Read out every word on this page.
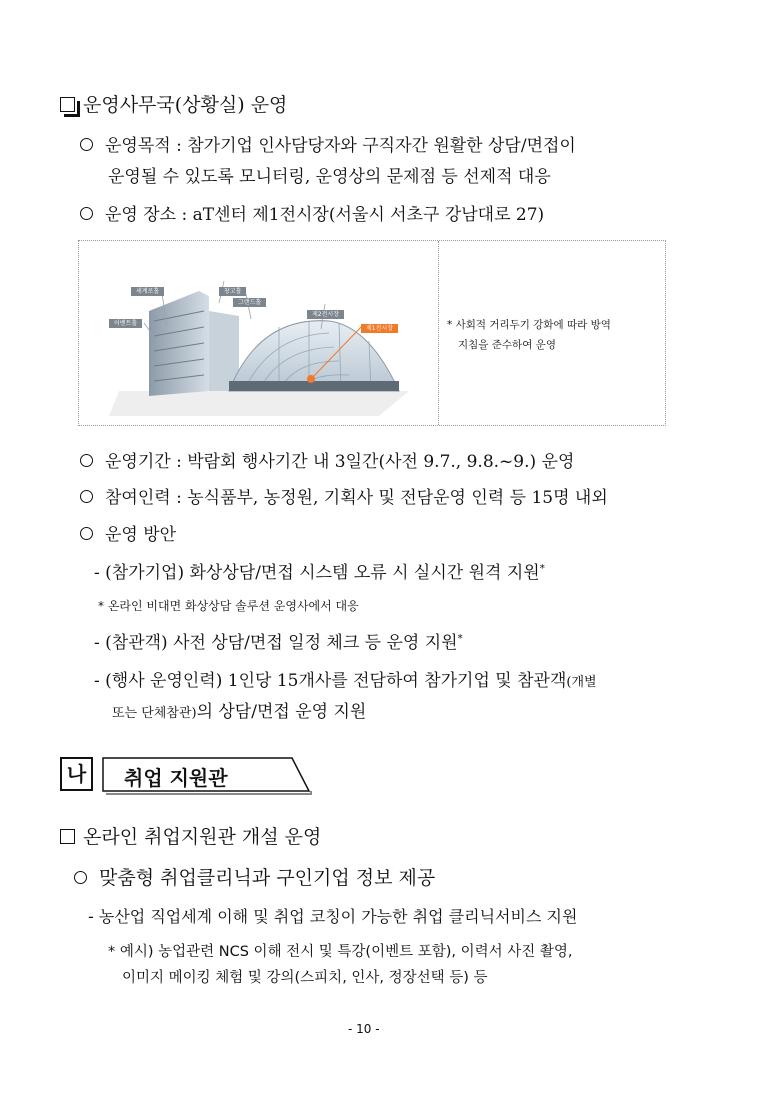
운영사무국(상황실) 운영
운영목적 : 참가기업 인사담당자와 구직자간 원활한 상담/면접이
운영될 수 있도록 모니터링, 운영상의 문제점 등 선제적 대응
운영 장소 : aT센터 제1전시장(서울시 서초구 강남대로 27)
세계로홀
이벤트홀
창고홀
그랜드홀
제2전시장
제1전시장	* 사회적 거리두기 강화에 따라 방역
지침을 준수하여 운영
운영기간 : 박람회 행사기간 내 3일간(사전 9.7., 9.8.~9.) 운영
참여인력 : 농식품부, 농정원, 기획사 및 전담운영 인력 등 15명 내외
운영 방안
- (참가기업) 화상상담/면접 시스템 오류 시 실시간 원격 지원*
* 온라인 비대면 화상상담 솔루션 운영사에서 대응
- (참관객) 사전 상담/면접 일정 체크 등 운영 지원*
- (행사 운영인력) 1인당 15개사를 전담하여 참가기업 및 참관객(개별
또는 단체참관)의 상담/면접 운영 지원
나	취업 지원관
온라인 취업지원관 개설 운영
맞춤형 취업클리닉과 구인기업 정보 제공
- 농산업 직업세계 이해 및 취업 코칭이 가능한 취업 클리닉서비스 지원
* 예시) 농업관련 NCS 이해 전시 및 특강(이벤트 포함), 이력서 사진 촬영,
이미지 메이킹 체험 및 강의(스피치, 인사, 정장선택 등) 등
- 10 -
